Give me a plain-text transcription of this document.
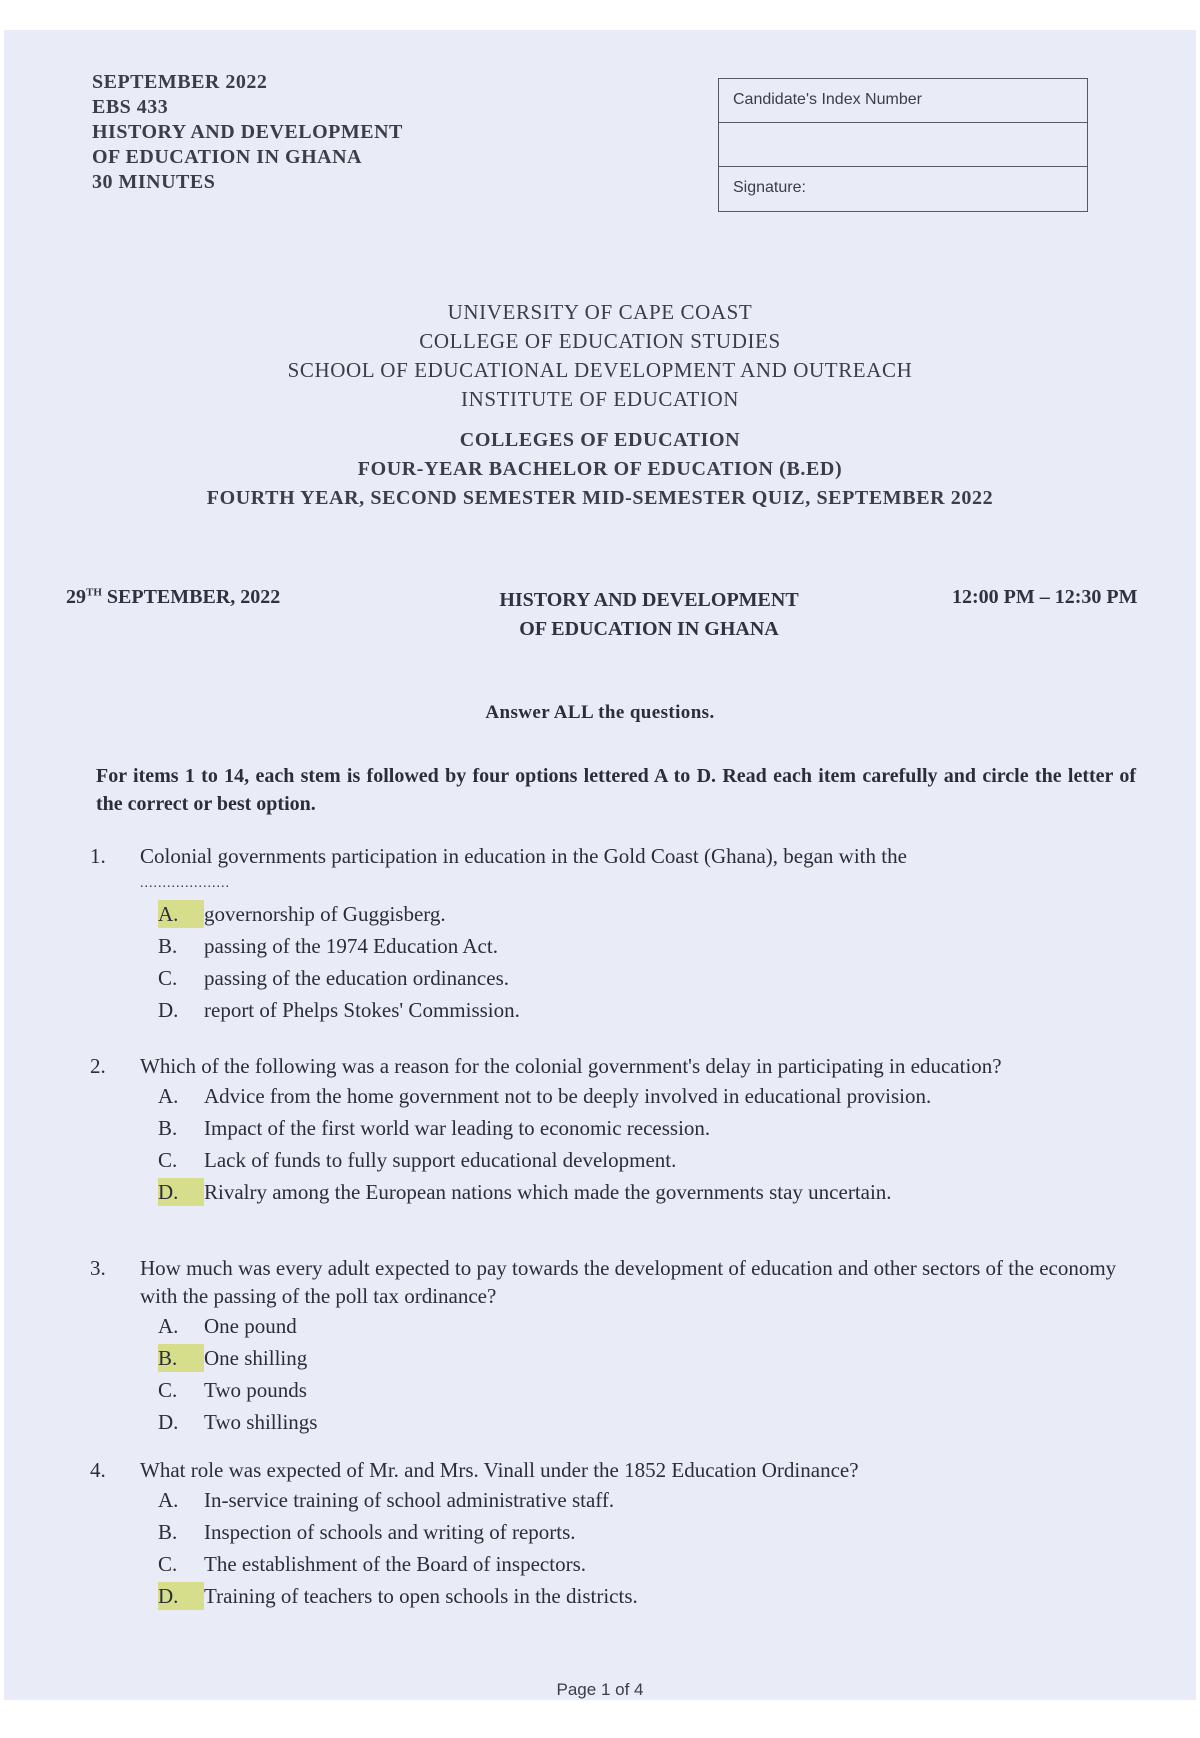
SEPTEMBER 2022
EBS 433
HISTORY AND DEVELOPMENT
OF EDUCATION IN GHANA
30 MINUTES
Candidate's Index Number
Signature:
UNIVERSITY OF CAPE COAST
COLLEGE OF EDUCATION STUDIES
SCHOOL OF EDUCATIONAL DEVELOPMENT AND OUTREACH
INSTITUTE OF EDUCATION
COLLEGES OF EDUCATION
FOUR-YEAR BACHELOR OF EDUCATION (B.ED)
FOURTH YEAR, SECOND SEMESTER MID-SEMESTER QUIZ, SEPTEMBER 2022
29TH SEPTEMBER, 2022	HISTORY AND DEVELOPMENT
OF EDUCATION IN GHANA
12:00 PM – 12:30 PM
Answer ALL the questions.
For items 1 to 14, each stem is followed by four options lettered A to D. Read each item carefully and circle the letter of the correct or best option.
1. Colonial governments participation in education in the Gold Coast (Ghana), began with the
....................
A. governorship of Guggisberg.
B. passing of the 1974 Education Act.
C. passing of the education ordinances.
D. report of Phelps Stokes' Commission.
2. Which of the following was a reason for the colonial government's delay in participating in education?
A. Advice from the home government not to be deeply involved in educational provision.
B. Impact of the first world war leading to economic recession.
C. Lack of funds to fully support educational development.
D. Rivalry among the European nations which made the governments stay uncertain.
3. How much was every adult expected to pay towards the development of education and other sectors of the economy with the passing of the poll tax ordinance?
A. One pound
B. One shilling
C. Two pounds
D. Two shillings
4. What role was expected of Mr. and Mrs. Vinall under the 1852 Education Ordinance?
A. In-service training of school administrative staff.
B. Inspection of schools and writing of reports.
C. The establishment of the Board of inspectors.
D. Training of teachers to open schools in the districts.
Page 1 of 4
